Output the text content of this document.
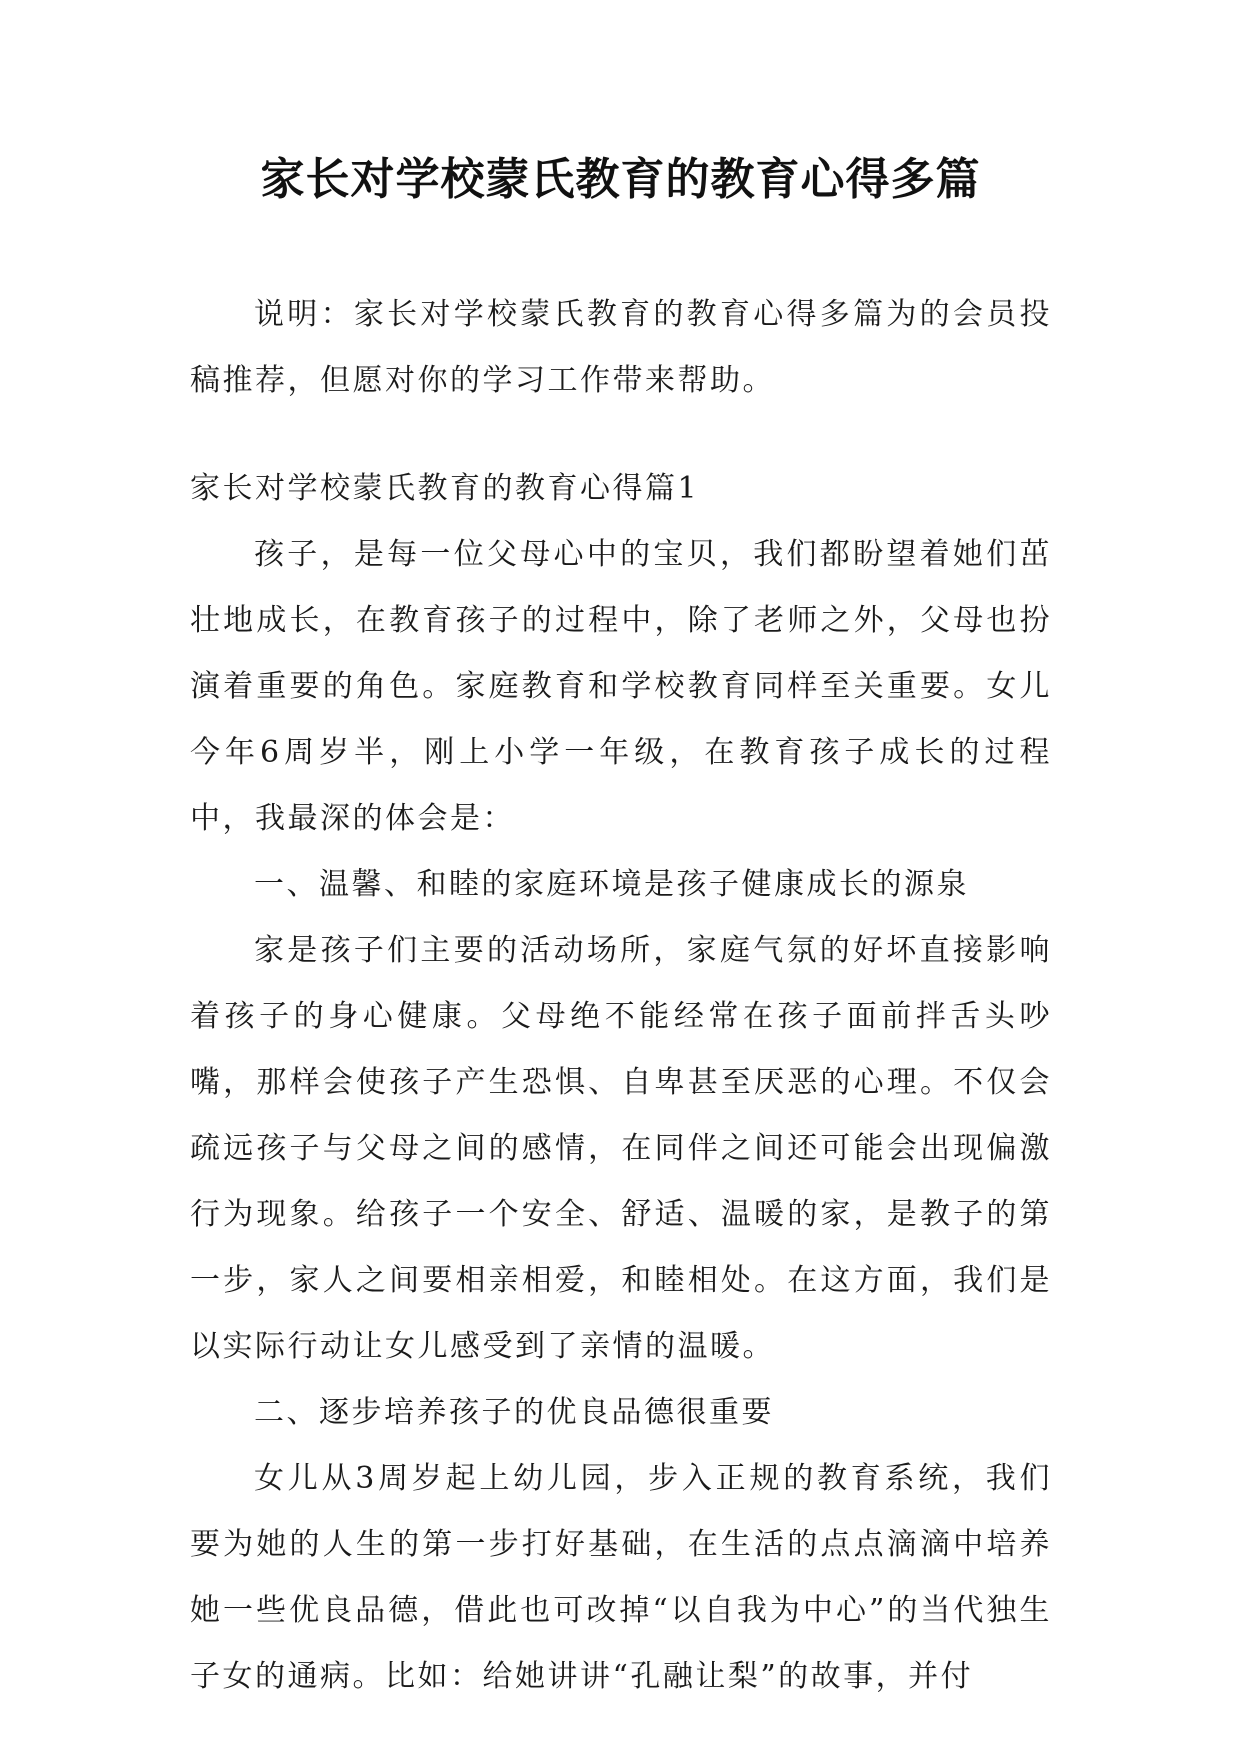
家长对学校蒙氏教育的教育心得多篇

说明：家长对学校蒙氏教育的教育心得多篇为的会员投稿推荐，但愿对你的学习工作带来帮助。

家长对学校蒙氏教育的教育心得篇1

孩子，是每一位父母心中的宝贝，我们都盼望着她们茁壮地成长，在教育孩子的过程中，除了老师之外，父母也扮演着重要的角色。家庭教育和学校教育同样至关重要。女儿今年6周岁半，刚上小学一年级，在教育孩子成长的过程中，我最深的体会是：

一、温馨、和睦的家庭环境是孩子健康成长的源泉

家是孩子们主要的活动场所，家庭气氛的好坏直接影响着孩子的身心健康。父母绝不能经常在孩子面前拌舌头吵嘴，那样会使孩子产生恐惧、自卑甚至厌恶的心理。不仅会疏远孩子与父母之间的感情，在同伴之间还可能会出现偏激行为现象。给孩子一个安全、舒适、温暖的家，是教子的第一步，家人之间要相亲相爱，和睦相处。在这方面，我们是以实际行动让女儿感受到了亲情的温暖。

二、逐步培养孩子的优良品德很重要

女儿从3周岁起上幼儿园，步入正规的教育系统，我们要为她的人生的第一步打好基础，在生活的点点滴滴中培养她一些优良品德，借此也可改掉“以自我为中心”的当代独生子女的通病。比如：给她讲讲“孔融让梨”的故事，并付
